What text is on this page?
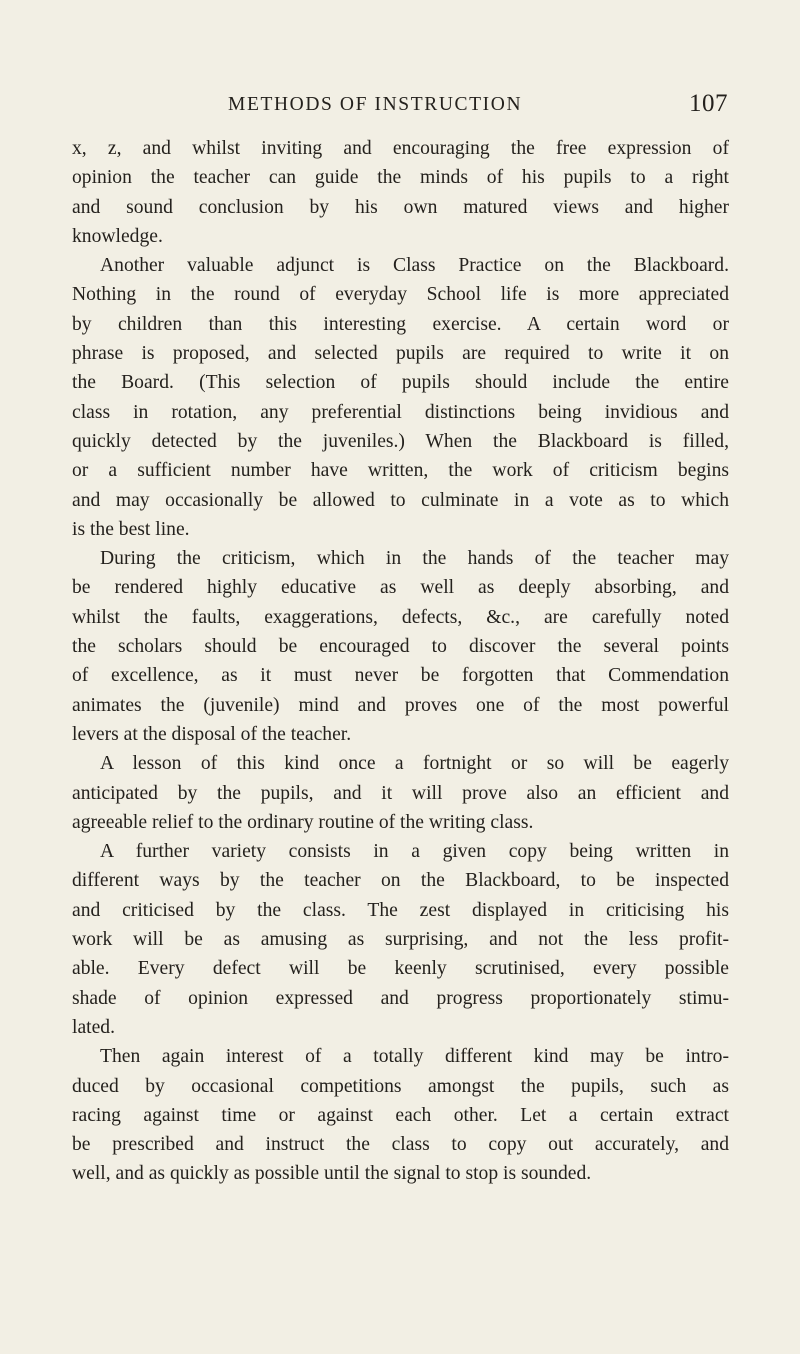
METHODS OF INSTRUCTION	107
x, z, and whilst inviting and encouraging the free expression of
opinion the teacher can guide the minds of his pupils to a right
and sound conclusion by his own matured views and higher
knowledge.
Another valuable adjunct is Class Practice on the Blackboard.
Nothing in the round of everyday School life is more appreciated
by children than this interesting exercise. A certain word or
phrase is proposed, and selected pupils are required to write it on
the Board. (This selection of pupils should include the entire
class in rotation, any preferential distinctions being invidious and
quickly detected by the juveniles.) When the Blackboard is filled,
or a sufficient number have written, the work of criticism begins
and may occasionally be allowed to culminate in a vote as to which
is the best line.
During the criticism, which in the hands of the teacher may
be rendered highly educative as well as deeply absorbing, and
whilst the faults, exaggerations, defects, &c., are carefully noted
the scholars should be encouraged to discover the several points
of excellence, as it must never be forgotten that Commendation
animates the (juvenile) mind and proves one of the most powerful
levers at the disposal of the teacher.
A lesson of this kind once a fortnight or so will be eagerly
anticipated by the pupils, and it will prove also an efficient and
agreeable relief to the ordinary routine of the writing class.
A further variety consists in a given copy being written in
different ways by the teacher on the Blackboard, to be inspected
and criticised by the class. The zest displayed in criticising his
work will be as amusing as surprising, and not the less profit-
able. Every defect will be keenly scrutinised, every possible
shade of opinion expressed and progress proportionately stimu-
lated.
Then again interest of a totally different kind may be intro-
duced by occasional competitions amongst the pupils, such as
racing against time or against each other. Let a certain extract
be prescribed and instruct the class to copy out accurately, and
well, and as quickly as possible until the signal to stop is sounded.
